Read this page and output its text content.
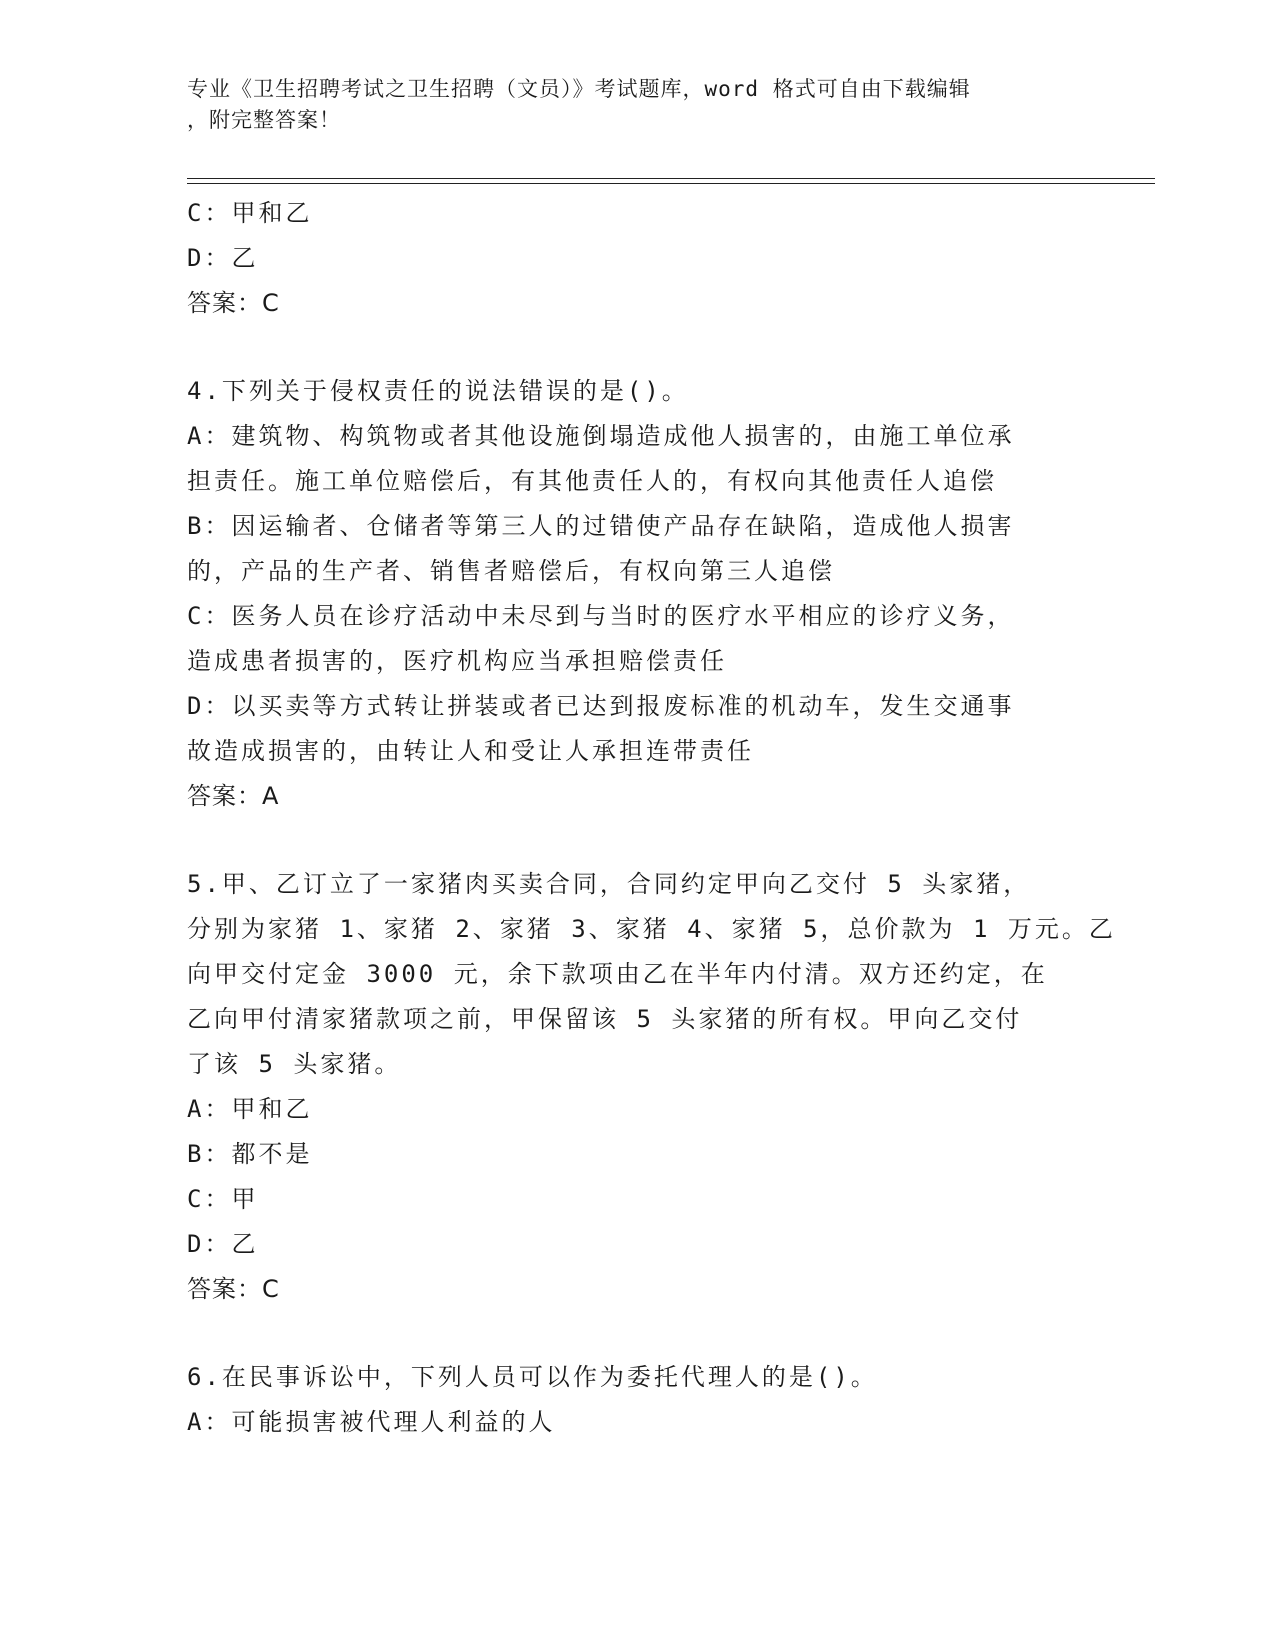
专业《卫生招聘考试之卫生招聘（文员）》考试题库，word 格式可自由下载编辑
，附完整答案！
C：甲和乙
D：乙
答案：C
4.下列关于侵权责任的说法错误的是()。
A：建筑物、构筑物或者其他设施倒塌造成他人损害的，由施工单位承
担责任。施工单位赔偿后，有其他责任人的，有权向其他责任人追偿
B：因运输者、仓储者等第三人的过错使产品存在缺陷，造成他人损害
的，产品的生产者、销售者赔偿后，有权向第三人追偿
C：医务人员在诊疗活动中未尽到与当时的医疗水平相应的诊疗义务，
造成患者损害的，医疗机构应当承担赔偿责任
D：以买卖等方式转让拼装或者已达到报废标准的机动车，发生交通事
故造成损害的，由转让人和受让人承担连带责任
答案：A
5.甲、乙订立了一家猪肉买卖合同，合同约定甲向乙交付 5 头家猪，
分别为家猪 1、家猪 2、家猪 3、家猪 4、家猪 5，总价款为 1 万元。乙
向甲交付定金 3000 元，余下款项由乙在半年内付清。双方还约定，在
乙向甲付清家猪款项之前，甲保留该 5 头家猪的所有权。甲向乙交付
了该 5 头家猪。
A：甲和乙
B：都不是
C：甲
D：乙
答案：C
6.在民事诉讼中，下列人员可以作为委托代理人的是()。
A：可能损害被代理人利益的人
